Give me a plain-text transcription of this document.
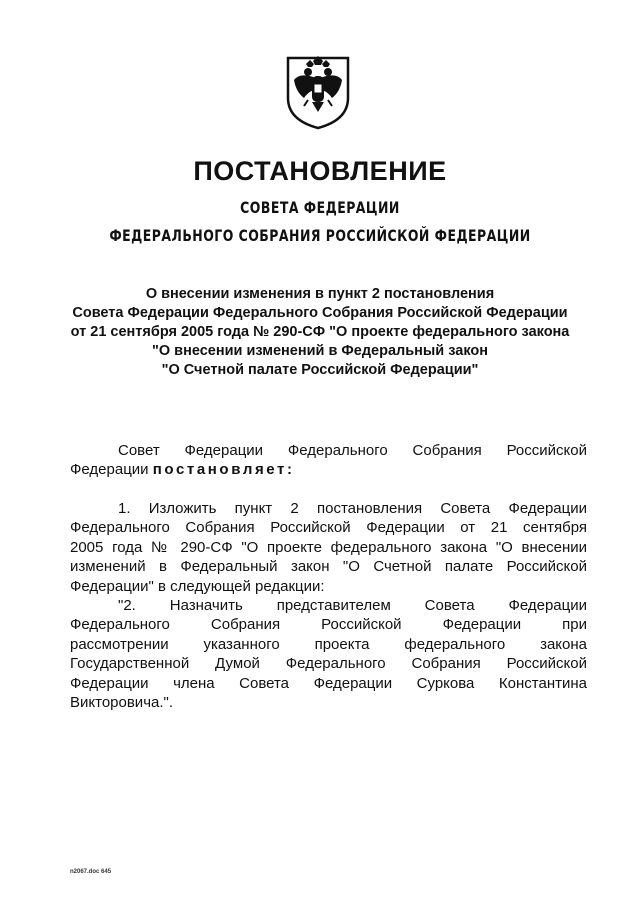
ПОСТАНОВЛЕНИЕ
СОВЕТА ФЕДЕРАЦИИ
ФЕДЕРАЛЬНОГО СОБРАНИЯ РОССИЙСКОЙ ФЕДЕРАЦИИ
О внесении изменения в пункт 2 постановления
Совета Федерации Федерального Собрания Российской Федерации
от 21 сентября 2005 года № 290-СФ "О проекте федерального закона
"О внесении изменений в Федеральный закон
"О Счетной палате Российской Федерации"
Совет Федерации Федерального Собрания Российской
Федерации постановляет:
1. Изложить пункт 2 постановления Совета Федерации
Федерального Собрания Российской Федерации от 21 сентября
2005 года № 290-СФ "О проекте федерального закона "О внесении
изменений в Федеральный закон "О Счетной палате Российской
Федерации" в следующей редакции:
"2. Назначить представителем Совета Федерации
Федерального Собрания Российской Федерации при
рассмотрении указанного проекта федерального закона
Государственной Думой Федерального Собрания Российской
Федерации члена Совета Федерации Суркова Константина
Викторовича.".
n2067.doc 645
